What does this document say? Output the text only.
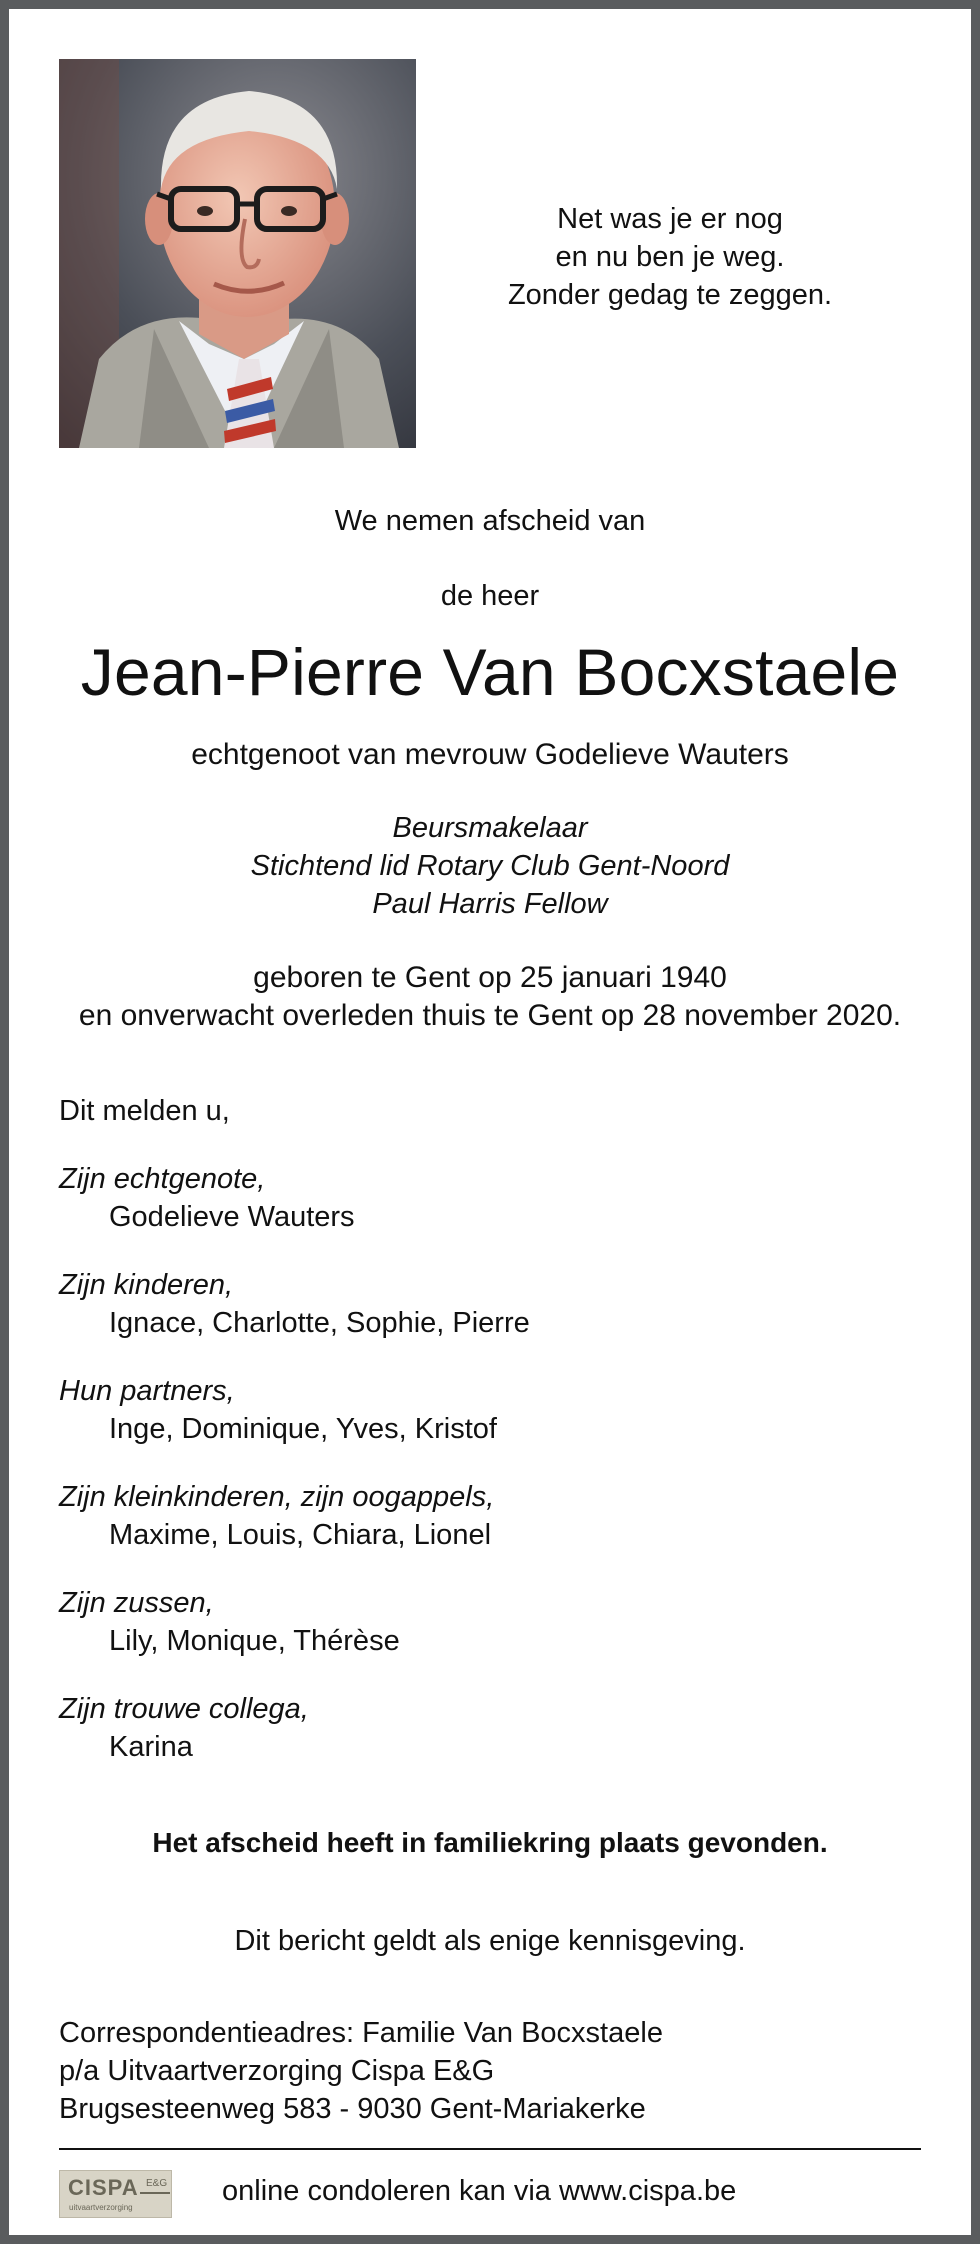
Net was je er nog
en nu ben je weg.
Zonder gedag te zeggen.
We nemen afscheid van
de heer
Jean-Pierre Van Bocxstaele
echtgenoot van mevrouw Godelieve Wauters
Beursmakelaar
Stichtend lid Rotary Club Gent-Noord
Paul Harris Fellow
geboren te Gent op 25 januari 1940
en onverwacht overleden thuis te Gent op 28 november 2020.
Dit melden u,
Zijn echtgenote,
Godelieve Wauters
Zijn kinderen,
Ignace, Charlotte, Sophie, Pierre
Hun partners,
Inge, Dominique, Yves, Kristof
Zijn kleinkinderen, zijn oogappels,
Maxime, Louis, Chiara, Lionel
Zijn zussen,
Lily, Monique, Thérèse
Zijn trouwe collega,
Karina
Het afscheid heeft in familiekring plaats gevonden.
Dit bericht geldt als enige kennisgeving.
Correspondentieadres: Familie Van Bocxstaele
p/a Uitvaartverzorging Cispa E&G
Brugsesteenweg 583 - 9030 Gent-Mariakerke
CISPA E&G
uitvaartverzorging
online condoleren kan via www.cispa.be
